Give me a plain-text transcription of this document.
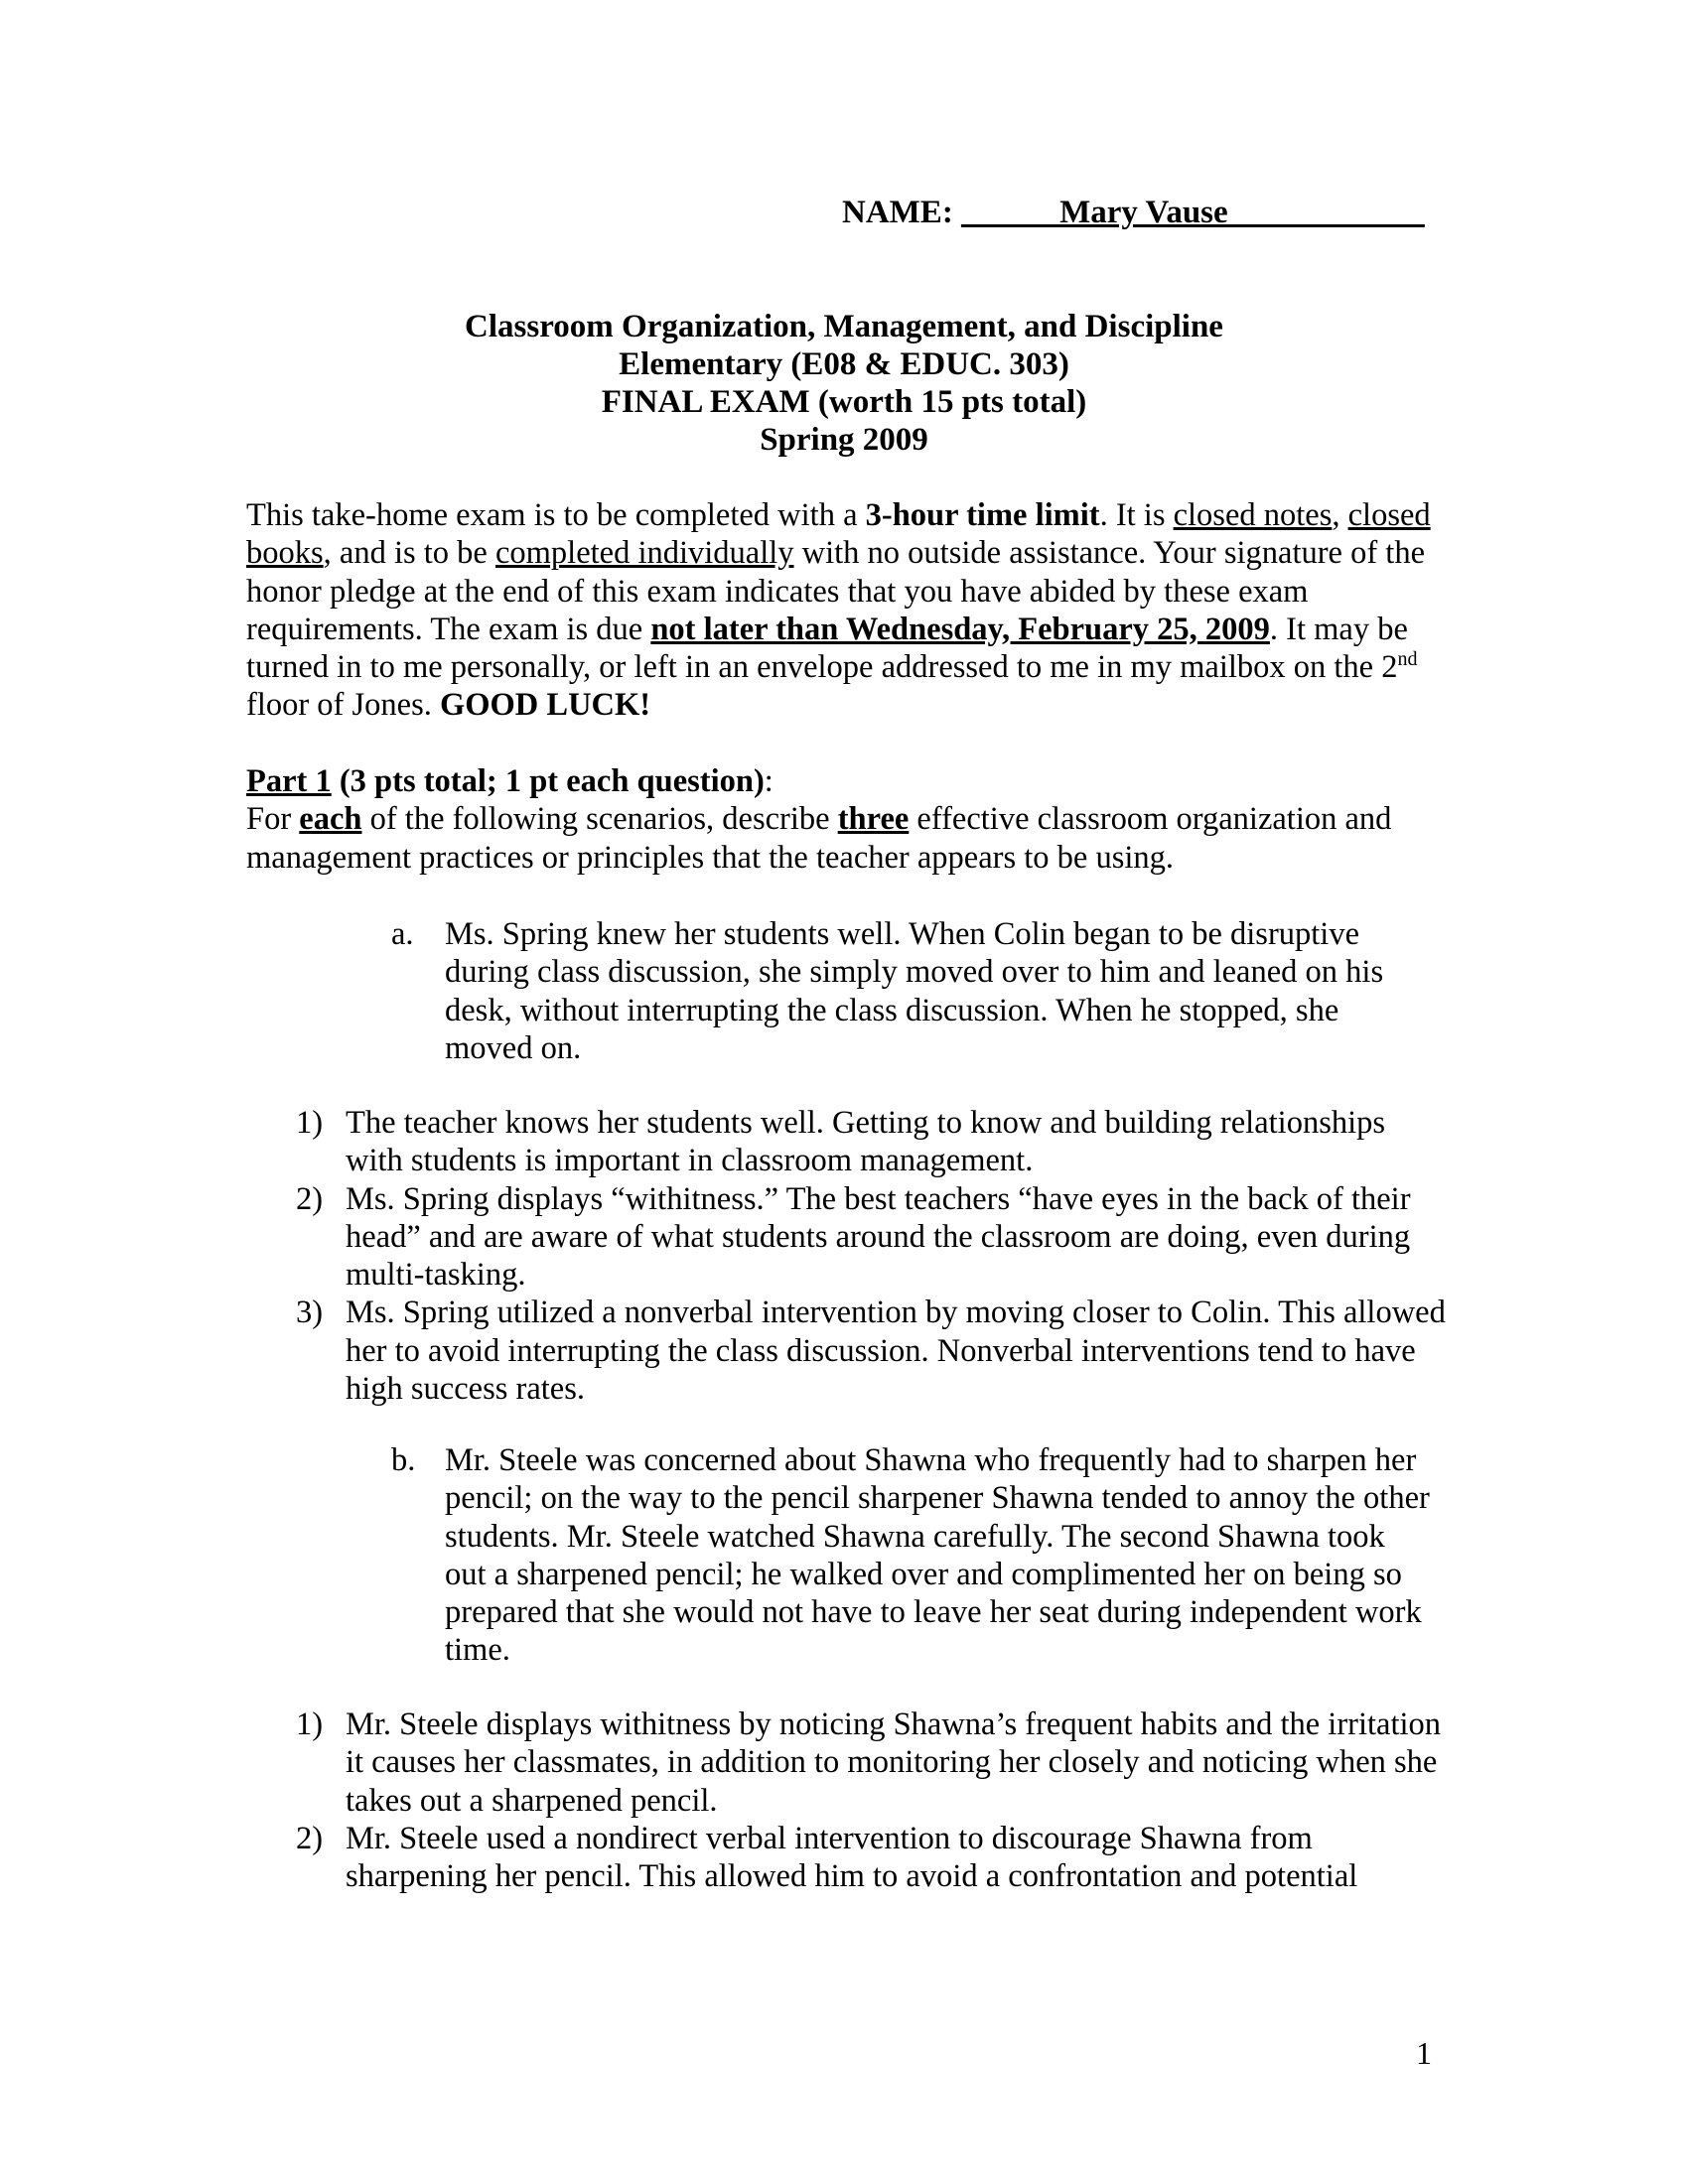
NAME: ______Mary Vause____________
Classroom Organization, Management, and Discipline
Elementary (E08 & EDUC. 303)
FINAL EXAM (worth 15 pts total)
Spring 2009
This take-home exam is to be completed with a 3-hour time limit. It is closed notes, closed books, and is to be completed individually with no outside assistance. Your signature of the honor pledge at the end of this exam indicates that you have abided by these exam requirements. The exam is due not later than Wednesday, February 25, 2009. It may be turned in to me personally, or left in an envelope addressed to me in my mailbox on the 2nd floor of Jones. GOOD LUCK!
Part 1 (3 pts total; 1 pt each question):
For each of the following scenarios, describe three effective classroom organization and management practices or principles that the teacher appears to be using.
a. Ms. Spring knew her students well. When Colin began to be disruptive during class discussion, she simply moved over to him and leaned on his desk, without interrupting the class discussion. When he stopped, she moved on.
1) The teacher knows her students well. Getting to know and building relationships with students is important in classroom management.
2) Ms. Spring displays “withitness.” The best teachers “have eyes in the back of their head” and are aware of what students around the classroom are doing, even during multi-tasking.
3) Ms. Spring utilized a nonverbal intervention by moving closer to Colin. This allowed her to avoid interrupting the class discussion. Nonverbal interventions tend to have high success rates.
b. Mr. Steele was concerned about Shawna who frequently had to sharpen her pencil; on the way to the pencil sharpener Shawna tended to annoy the other students. Mr. Steele watched Shawna carefully. The second Shawna took out a sharpened pencil; he walked over and complimented her on being so prepared that she would not have to leave her seat during independent work time.
1) Mr. Steele displays withitness by noticing Shawna’s frequent habits and the irritation it causes her classmates, in addition to monitoring her closely and noticing when she takes out a sharpened pencil.
2) Mr. Steele used a nondirect verbal intervention to discourage Shawna from sharpening her pencil. This allowed him to avoid a confrontation and potential
1
